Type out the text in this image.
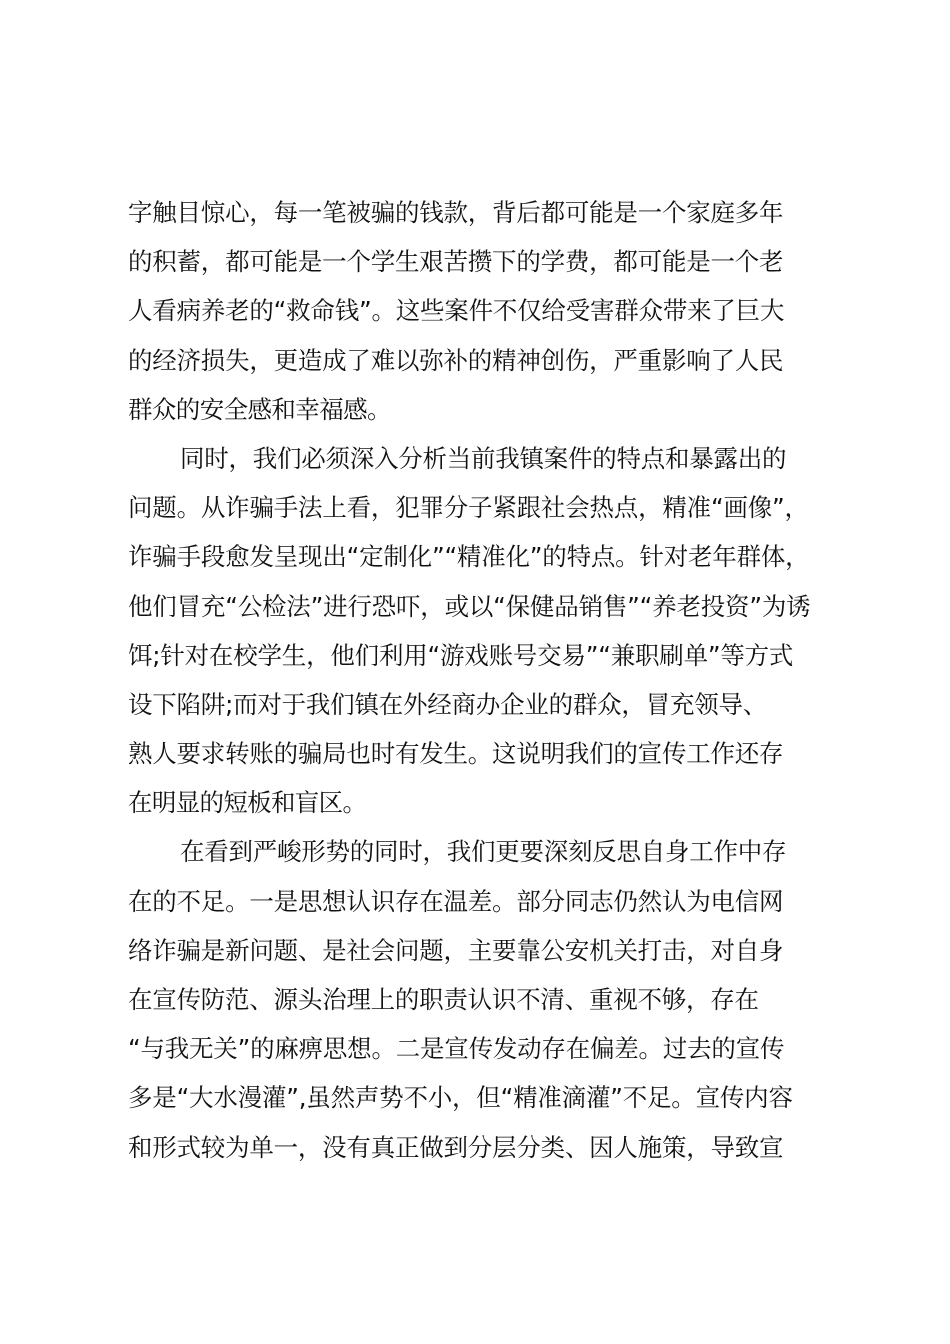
字触目惊心，每一笔被骗的钱款，背后都可能是一个家庭多年
的积蓄，都可能是一个学生艰苦攒下的学费，都可能是一个老
人看病养老的“救命钱”。这些案件不仅给受害群众带来了巨大
的经济损失，更造成了难以弥补的精神创伤，严重影响了人民
群众的安全感和幸福感。
同时，我们必须深入分析当前我镇案件的特点和暴露出的
问题。从诈骗手法上看，犯罪分子紧跟社会热点，精准“画像”，
诈骗手段愈发呈现出“定制化”“精准化”的特点。针对老年群体，
他们冒充“公检法”进行恐吓，或以“保健品销售”“养老投资”为诱
饵;针对在校学生，他们利用“游戏账号交易”“兼职刷单”等方式
设下陷阱;而对于我们镇在外经商办企业的群众，冒充领导、
熟人要求转账的骗局也时有发生。这说明我们的宣传工作还存
在明显的短板和盲区。
在看到严峻形势的同时，我们更要深刻反思自身工作中存
在的不足。一是思想认识存在温差。部分同志仍然认为电信网
络诈骗是新问题、是社会问题，主要靠公安机关打击，对自身
在宣传防范、源头治理上的职责认识不清、重视不够，存在
“与我无关”的麻痹思想。二是宣传发动存在偏差。过去的宣传
多是“大水漫灌”,虽然声势不小，但“精准滴灌”不足。宣传内容
和形式较为单一，没有真正做到分层分类、因人施策，导致宣
